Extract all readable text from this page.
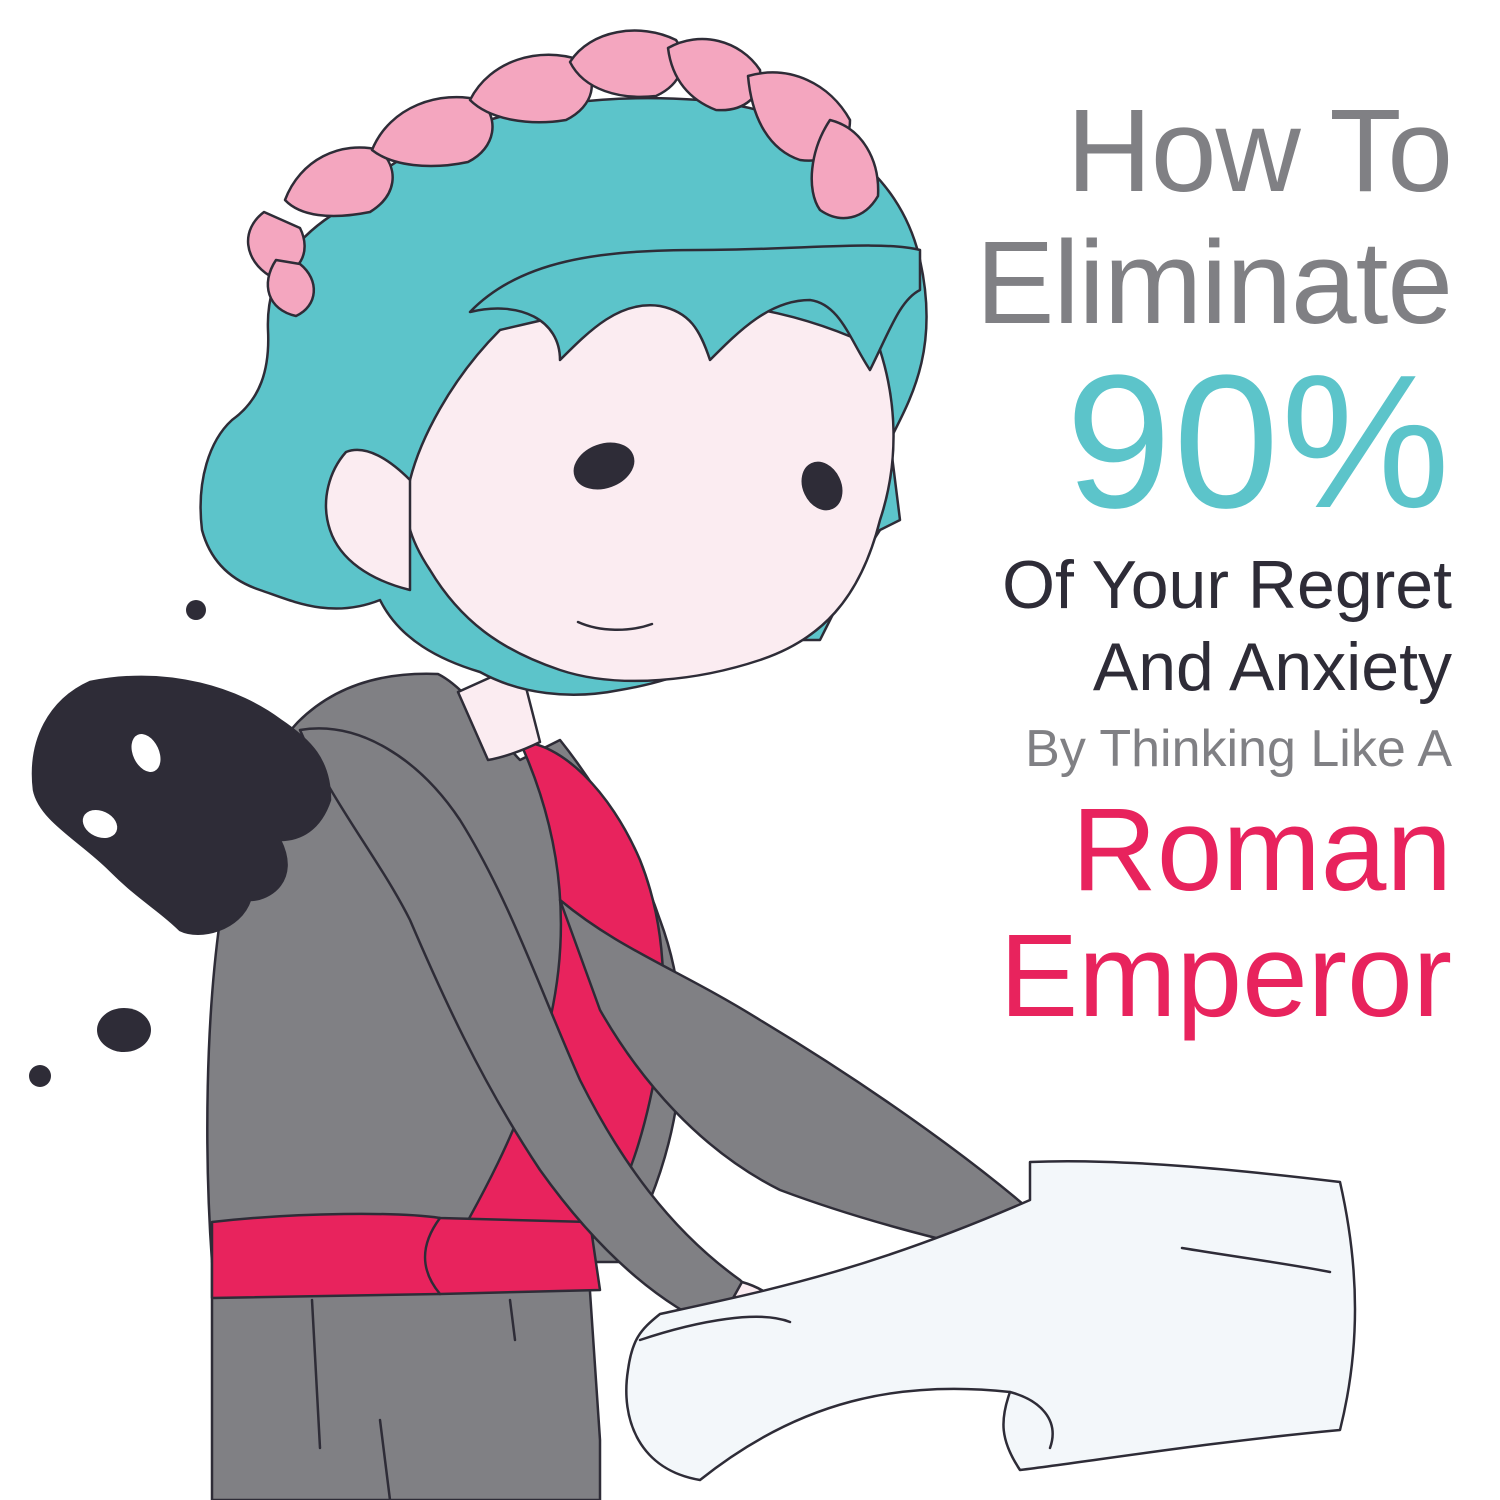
How To
Eliminate
90%
Of Your Regret
And Anxiety
By Thinking Like A
Roman
Emperor
